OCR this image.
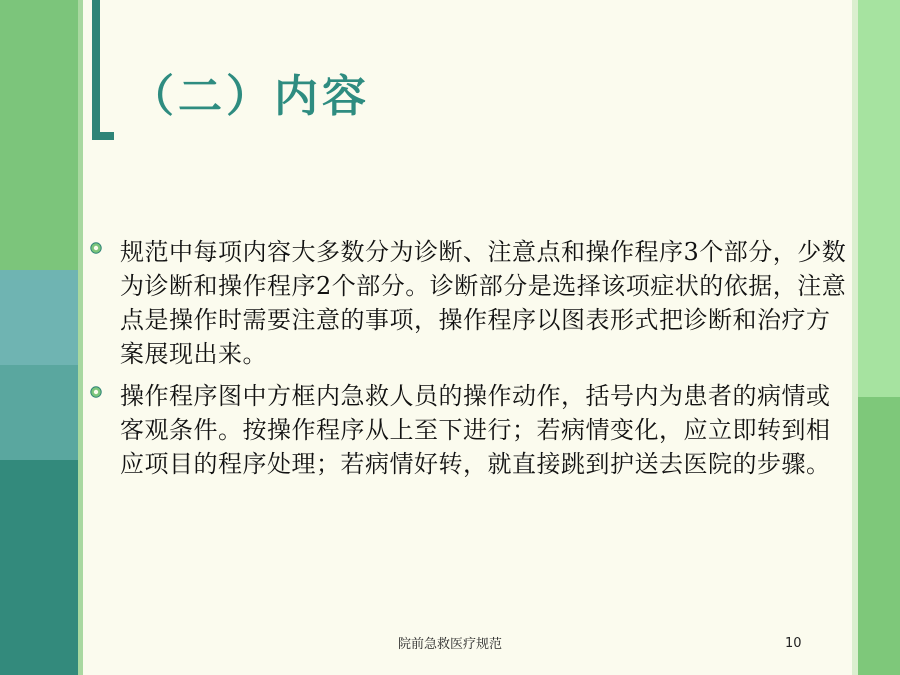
（二）内容

规范中每项内容大多数分为诊断、注意点和操作程序3个部分，少数为诊断和操作程序2个部分。诊断部分是选择该项症状的依据，注意点是操作时需要注意的事项，操作程序以图表形式把诊断和治疗方案展现出来。

操作程序图中方框内急救人员的操作动作，括号内为患者的病情或客观条件。按操作程序从上至下进行；若病情变化，应立即转到相应项目的程序处理；若病情好转，就直接跳到护送去医院的步骤。

院前急救医疗规范	10
